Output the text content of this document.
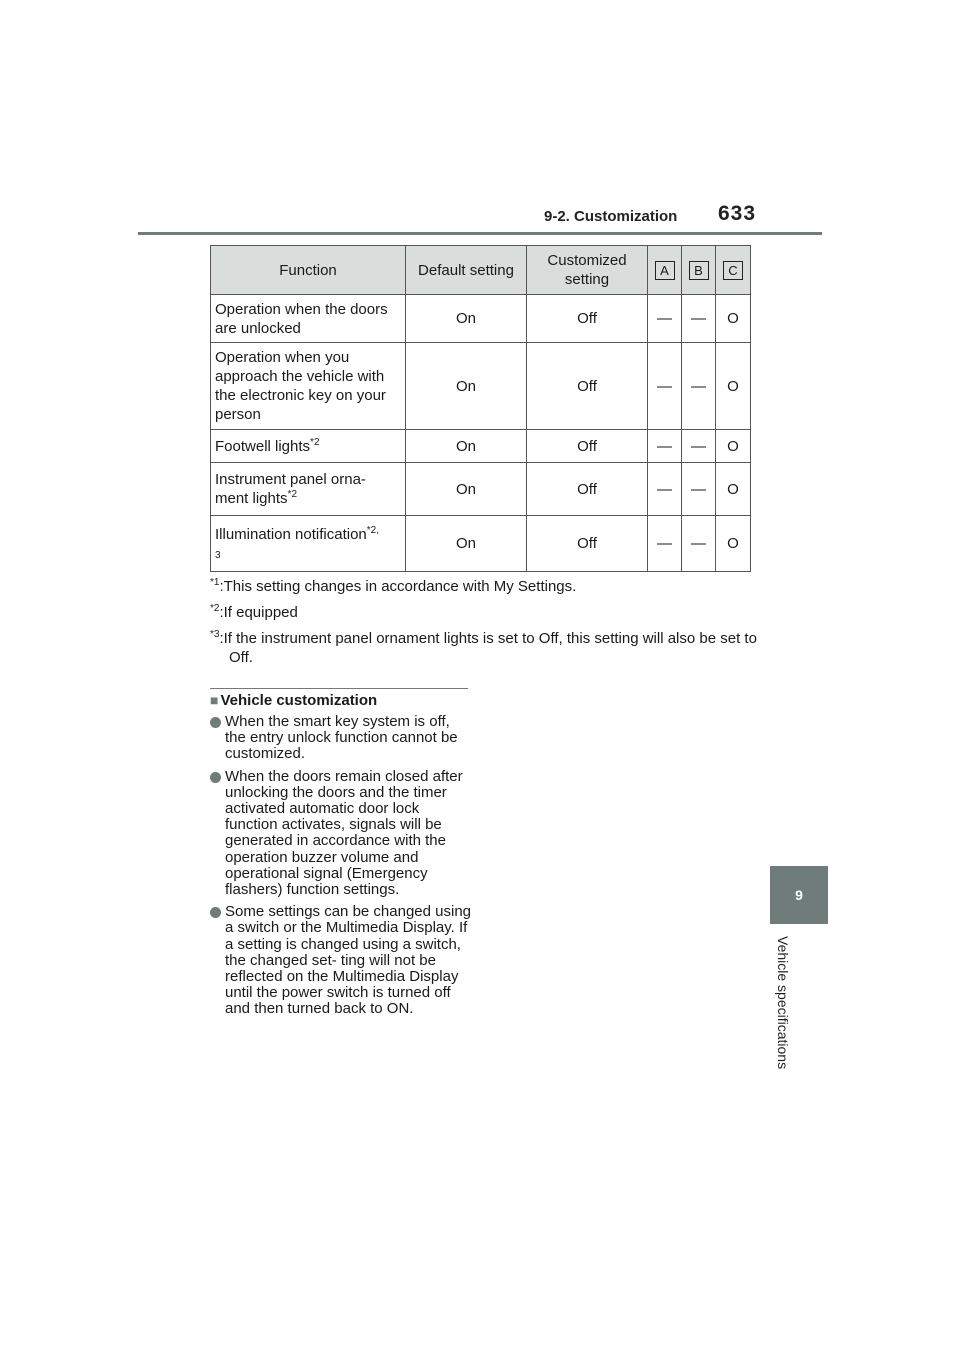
9-2. Customization 633
9
Vehicle specifications
Function	Default setting	Customized
setting	A	B	C
Operation when the doors
are unlocked	On	Off	—	—	O
Operation when you
approach the vehicle with
the electronic key on your
person	On	Off	—	—	O
Footwell lights$^{*2}$	On	Off	—	—	O
Instrument panel orna-
ment lights$^{*2}$	On	Off	—	—	O
Illumination notification$^{*2,}$
3	On	Off	—	—	O
$^{*1}$:This setting changes in accordance with My Settings.
$^{*2}$:If equipped
$^{*3}$:If the instrument panel ornament lights is set to Off, this setting will also be set to Off.
■ Vehicle customization
When the smart key system is off, the entry unlock function cannot be customized.
When the doors remain closed after unlocking the doors and the timer activated automatic door lock function activates, signals will be generated in accordance with the operation buzzer volume and operational signal (Emergency flashers) function settings.
Some settings can be changed using a switch or the Multimedia Display. If a setting is changed using a switch, the changed set- ting will not be reflected on the Multimedia Display until the power switch is turned off and then turned back to ON.
